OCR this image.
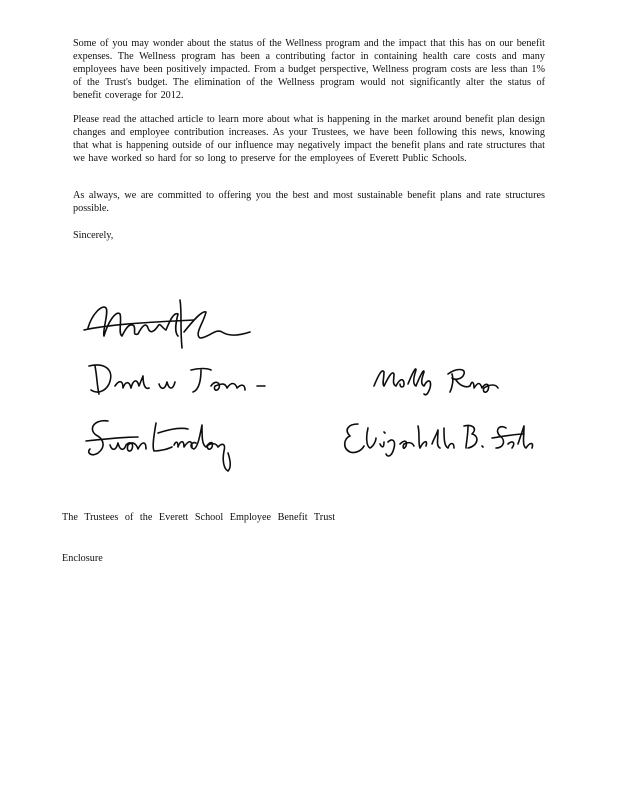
Some of you may wonder about the status of the Wellness program and the impact that this has on our benefit expenses. The Wellness program has been a contributing factor in containing health care costs and many employees have been positively impacted. From a budget perspective, Wellness program costs are less than 1% of the Trust's budget. The elimination of the Wellness program would not significantly alter the status of benefit coverage for 2012.

Please read the attached article to learn more about what is happening in the market around benefit plan design changes and employee contribution increases. As your Trustees, we have been following this news, knowing that what is happening outside of our influence may negatively impact the benefit plans and rate structures that we have worked so hard for so long to preserve for the employees of Everett Public Schools.

As always, we are committed to offering you the best and most sustainable benefit plans and rate structures possible.

Sincerely,

The Trustees of the Everett School Employee Benefit Trust

Enclosure
